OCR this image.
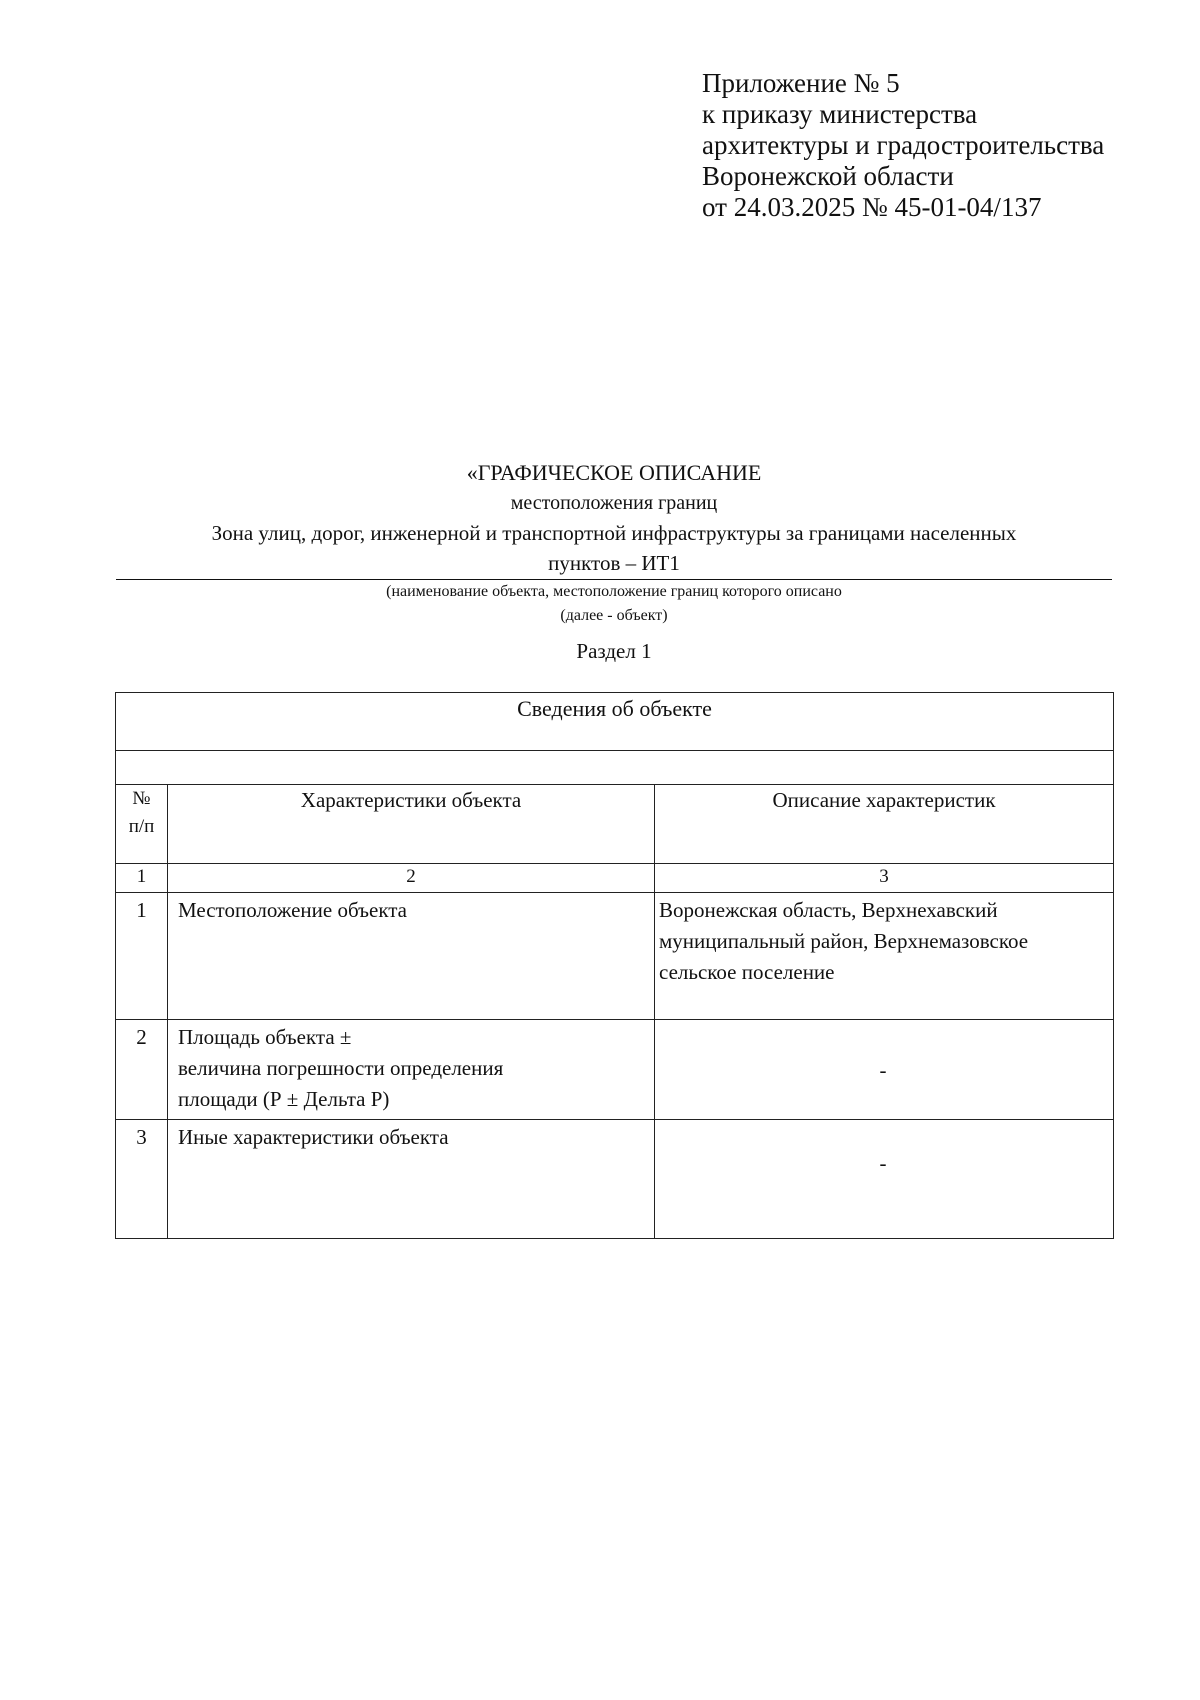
Приложение № 5
к приказу министерства
архитектуры и градостроительства
Воронежской области
от 24.03.2025 № 45-01-04/137
«ГРАФИЧЕСКОЕ ОПИСАНИЕ
местоположения границ
Зона улиц, дорог, инженерной и транспортной инфраструктуры за границами населенных
пунктов – ИТ1
(наименование объекта, местоположение границ которого описано
(далее - объект)
Раздел 1
Сведения об объекте		

№
п/п	Характеристики объекта	Описание характеристик
1	2	3
1	Местоположение объекта	Воронежская область, Верхнехавский
муниципальный район, Верхнемазовское
сельское поселение

2	Площадь объекта ±
величина погрешности определения
площади (Р ± Дельта Р)	-
3	Иные характеристики объекта	-
